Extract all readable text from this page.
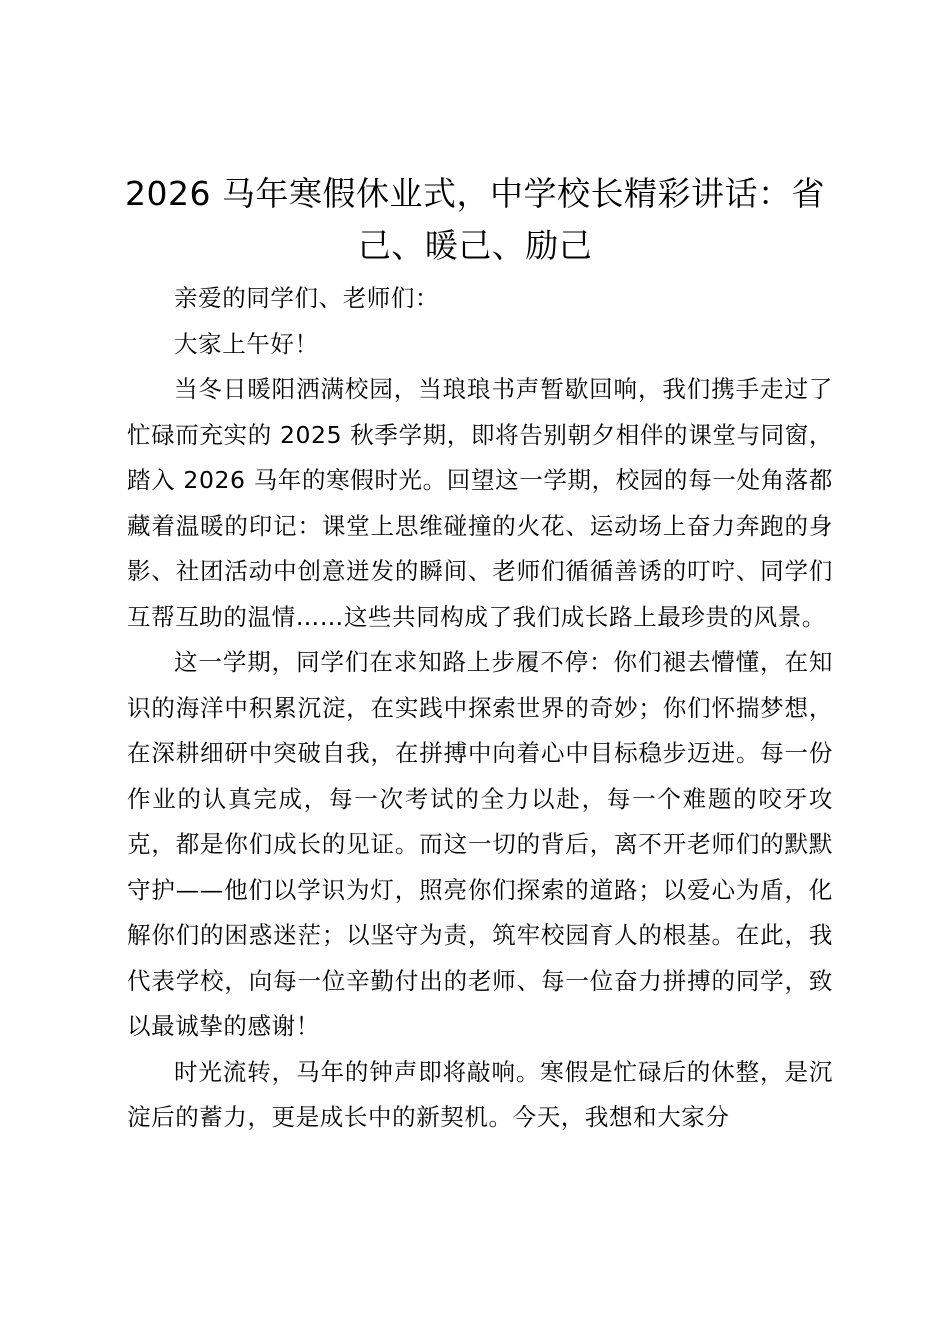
2026 马年寒假休业式，中学校长精彩讲话：省己、暖己、励己

亲爱的同学们、老师们：

大家上午好！

当冬日暖阳洒满校园，当琅琅书声暂歇回响，我们携手走过了忙碌而充实的 2025 秋季学期，即将告别朝夕相伴的课堂与同窗，踏入 2026 马年的寒假时光。回望这一学期，校园的每一处角落都藏着温暖的印记：课堂上思维碰撞的火花、运动场上奋力奔跑的身影、社团活动中创意迸发的瞬间、老师们循循善诱的叮咛、同学们互帮互助的温情……这些共同构成了我们成长路上最珍贵的风景。

这一学期，同学们在求知路上步履不停：你们褪去懵懂，在知识的海洋中积累沉淀，在实践中探索世界的奇妙；你们怀揣梦想，在深耕细研中突破自我，在拼搏中向着心中目标稳步迈进。每一份作业的认真完成，每一次考试的全力以赴，每一个难题的咬牙攻克，都是你们成长的见证。而这一切的背后，离不开老师们的默默守护——他们以学识为灯，照亮你们探索的道路；以爱心为盾，化解你们的困惑迷茫；以坚守为责，筑牢校园育人的根基。在此，我代表学校，向每一位辛勤付出的老师、每一位奋力拼搏的同学，致以最诚挚的感谢！

时光流转，马年的钟声即将敲响。寒假是忙碌后的休整，是沉淀后的蓄力，更是成长中的新契机。今天，我想和大家分
